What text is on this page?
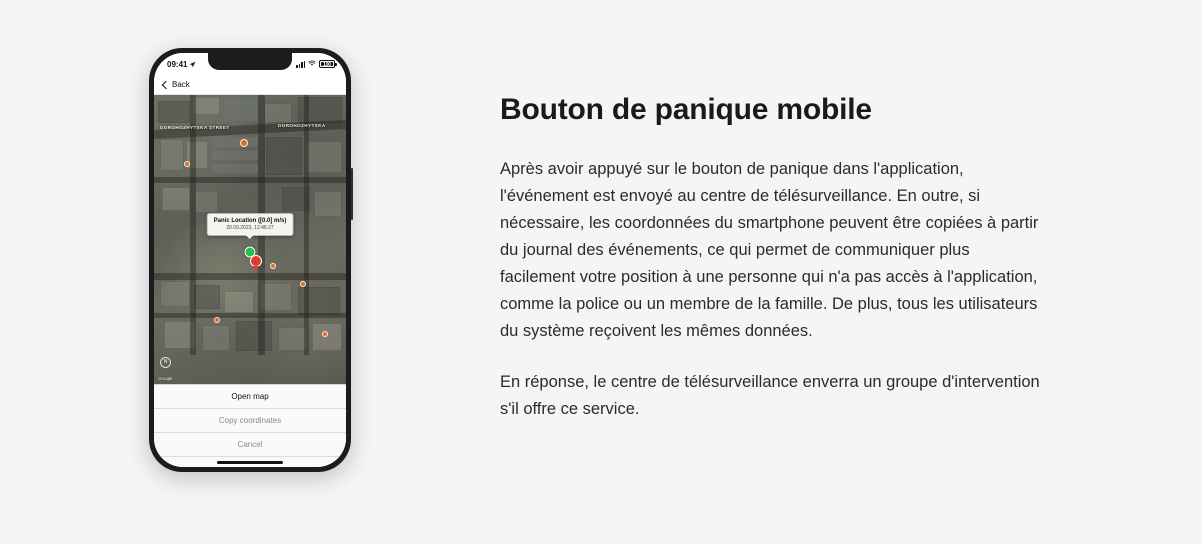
09:41	100
Back
DOROHOZHYTSKA STREET	DOROHOZHYTSKA
Panic Location ([0.0] m/s)
20.09.2023, 12:46:27
N
Google
Open map
Copy coordinates
Cancel
Bouton de panique mobile

Après avoir appuyé sur le bouton de panique dans l'application, l'événement est envoyé au centre de télésurveillance. En outre, si nécessaire, les coordonnées du smartphone peuvent être copiées à partir du journal des événements, ce qui permet de communiquer plus facilement votre position à une personne qui n'a pas accès à l'application, comme la police ou un membre de la famille. De plus, tous les utilisateurs du système reçoivent les mêmes données.

En réponse, le centre de télésurveillance enverra un groupe d'intervention s'il offre ce service.
